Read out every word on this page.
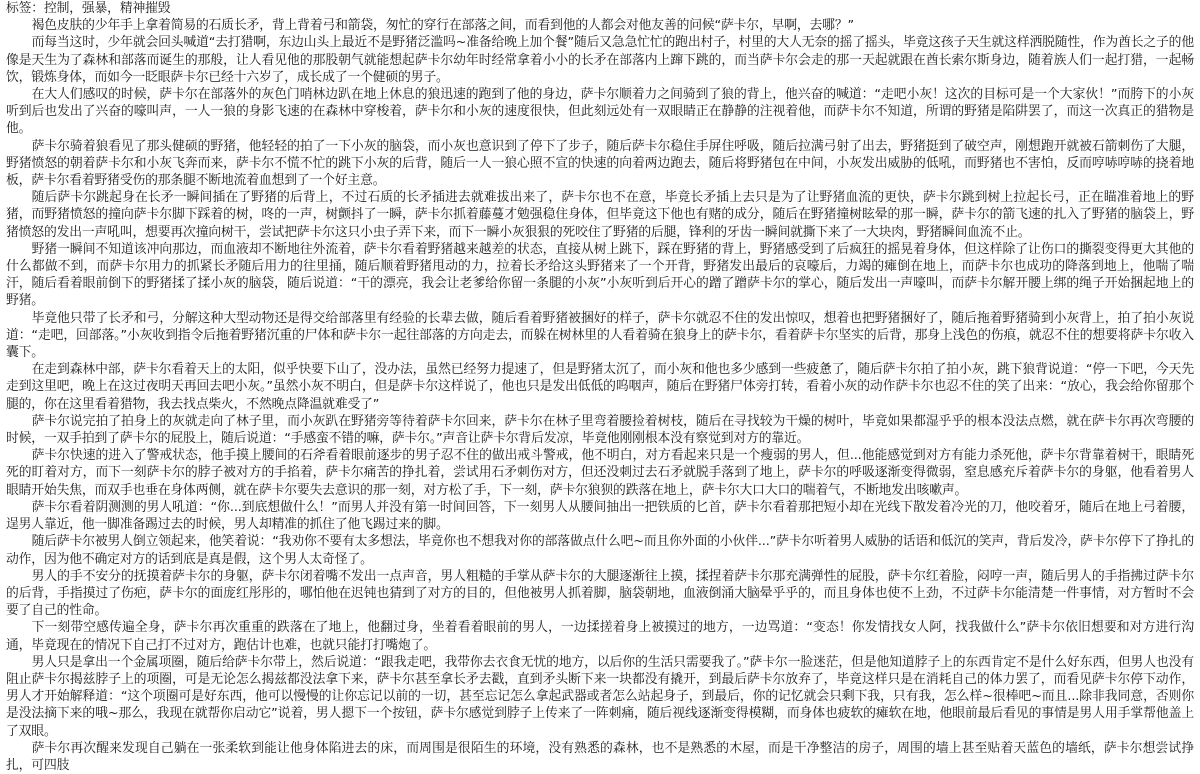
标签：控制，强暴，精神摧毁

褐色皮肤的少年手上拿着简易的石质长矛，背上背着弓和箭袋，匆忙的穿行在部落之间，而看到他的人都会对他友善的问候“萨卡尔，早啊，去哪？”

而每当这时，少年就会回头喊道“去打猎啊，东边山头上最近不是野猪泛滥吗~准备给晚上加个餐”随后又急急忙忙的跑出村子，村里的大人无奈的摇了摇头，毕竟这孩子天生就这样洒脱随性，作为酋长之子的他像是天生为了森林和部落而诞生的那般，让人看见他的那股朝气就能想起萨卡尔幼年时经常拿着小小的长矛在部落内上蹿下跳的，而当萨卡尔会走的那一天起就跟在酋长索尔斯身边，随着族人们一起打猎，一起畅饮，锻炼身体，而如今一眨眼萨卡尔已经十六岁了，成长成了一个健硕的男子。

在大人们感叹的时候，萨卡尔在部落外的灰色门哨林边趴在地上休息的狼迅速的跑到了他的身边，萨卡尔顺着力之间骑到了狼的背上，他兴奋的喊道：“走吧小灰！这次的目标可是一个大家伙！”而胯下的小灰听到后也发出了兴奋的嚎叫声，一人一狼的身影飞速的在森林中穿梭着，萨卡尔和小灰的速度很快，但此刻远处有一双眼睛正在静静的注视着他，而萨卡尔不知道，所谓的野猪是陷阱罢了，而这一次真正的猎物是他。

萨卡尔骑着狼看见了那头健硕的野猪，他轻轻的拍了一下小灰的脑袋，而小灰也意识到了停下了步子，随后萨卡尔稳住手屏住呼吸，随后拉满弓射了出去，野猪挺到了破空声，刚想跑开就被石箭刺伤了大腿，野猪愤怒的朝着萨卡尔和小灰飞奔而来，萨卡尔不慌不忙的跳下小灰的后背，随后一人一狼心照不宣的快速的向着两边跑去，随后将野猪包在中间，小灰发出威胁的低吼，而野猪也不害怕，反而哼哧哼哧的挠着地板，萨卡尔看着野猪受伤的那条腿不断地流着血想到了一个好主意。

随后萨卡尔跳起身在长矛一瞬间插在了野猪的后背上，不过石质的长矛插进去就难拔出来了，萨卡尔也不在意，毕竟长矛插上去只是为了让野猪血流的更快，萨卡尔跳到树上拉起长弓，正在瞄准着地上的野猪，而野猪愤怒的撞向萨卡尔脚下踩着的树，咚的一声，树颤抖了一瞬，萨卡尔抓着藤蔓才勉强稳住身体，但毕竟这下他也有赌的成分，随后在野猪撞树眩晕的那一瞬，萨卡尔的箭飞速的扎入了野猪的脑袋上，野猪愤怒的发出一声吼叫，想要再次撞向树干，尝试把萨卡尔这只小虫子弄下来，而下一瞬小灰狠狠的死咬住了野猪的后腿，锋利的牙齿一瞬间就撕下来了一大块肉，野猪瞬间血流不止。

野猪一瞬间不知道该冲向那边，而血液却不断地往外流着，萨卡尔看着野猪越来越差的状态，直接从树上跳下，踩在野猪的背上，野猪感受到了后疯狂的摇晃着身体，但这样除了让伤口的撕裂变得更大其他的什么都做不到，而萨卡尔用力的抓紧长矛随后用力的往里捅，随后顺着野猪甩动的力，拉着长矛给这头野猪来了一个开背，野猪发出最后的哀嚎后，力竭的瘫倒在地上，而萨卡尔也成功的降落到地上，他喘了喘汗，随后看着眼前倒下的野猪揉了揉小灰的脑袋，随后说道：“干的漂亮，我会让老爹给你留一条腿的小灰”小灰听到后开心的蹭了蹭萨卡尔的掌心，随后发出一声嚎叫，而萨卡尔解开腰上绑的绳子开始捆起地上的野猪。

毕竟他只带了长矛和弓，分解这种大型动物还是得交给部落里有经验的长辈去做，随后看着野猪被捆好的样子，萨卡尔就忍不住的发出惊叹，想着也把野猪捆好了，随后拖着野猪骑到小灰背上，拍了拍小灰说道：“走吧，回部落。”小灰收到指令后拖着野猪沉重的尸体和萨卡尔一起往部落的方向走去，而躲在树林里的人看着骑在狼身上的萨卡尔，看着萨卡尔坚实的后背，那身上浅色的伤痕，就忍不住的想要将萨卡尔收入囊下。

在走到森林中部，萨卡尔看着天上的太阳，似乎快要下山了，没办法，虽然已经努力提速了，但是野猪太沉了，而小灰和他也多少感到一些疲惫了，随后萨卡尔拍了拍小灰，跳下狼背说道：“停一下吧，今天先走到这里吧，晚上在这过夜明天再回去吧小灰。”虽然小灰不明白，但是萨卡尔这样说了，他也只是发出低低的呜咽声，随后在野猪尸体旁打转，看着小灰的动作萨卡尔也忍不住的笑了出来：“放心，我会给你留那个腿的，你在这里看着猎物，我去找点柴火，不然晚点降温就难受了”

萨卡尔说完拍了拍身上的灰就走向了林子里，而小灰趴在野猪旁等待着萨卡尔回来，萨卡尔在林子里弯着腰捡着树枝，随后在寻找较为干燥的树叶，毕竟如果都湿乎乎的根本没法点燃，就在萨卡尔再次弯腰的时候，一双手拍到了萨卡尔的屁股上，随后说道：“手感蛮不错的嘛，萨卡尔。”声音让萨卡尔背后发凉，毕竟他刚刚根本没有察觉到对方的靠近。

萨卡尔快速的进入了警戒状态，他手摸上腰间的石斧看着眼前逐步的男子忍不住的做出戒斗警戒，他不明白，对方看起来只是一个瘦弱的男人，但...他能感觉到对方有能力杀死他，萨卡尔背靠着树干，眼睛死死的盯着对方，而下一刻萨卡尔的脖子被对方的手掐着，萨卡尔痛苦的挣扎着，尝试用石矛刺伤对方，但还没刺过去石矛就脱手落到了地上，萨卡尔的呼吸逐渐变得微弱，窒息感充斥着萨卡尔的身躯，他看着男人眼睛开始失焦，而双手也垂在身体两侧，就在萨卡尔要失去意识的那一刻，对方松了手，下一刻，萨卡尔狼狈的跌落在地上，萨卡尔大口大口的喘着气，不断地发出咳嗽声。

萨卡尔看着阴测测的男人吼道：“你...到底想做什么！”而男人并没有第一时间回答，下一刻男人从腰间抽出一把铁质的匕首，萨卡尔看着那把短小却在光线下散发着冷光的刀，他咬着牙，随后在地上弓着腰，逞男人靠近，他一脚准备踢过去的时候，男人却精准的抓住了他飞踢过来的脚。

随后萨卡尔被男人倒立领起来，他笑着说：“我劝你不要有太多想法，毕竟你也不想我对你的部落做点什么吧~而且你外面的小伙伴...”萨卡尔听着男人威胁的话语和低沉的笑声，背后发冷，萨卡尔停下了挣扎的动作，因为他不确定对方的话到底是真是假，这个男人太奇怪了。

男人的手不安分的抚摸着萨卡尔的身躯，萨卡尔闭着嘴不发出一点声音，男人粗糙的手掌从萨卡尔的大腿逐渐往上摸，揉捏着萨卡尔那充满弹性的屁股，萨卡尔红着脸，闷哼一声，随后男人的手指拂过萨卡尔的后背，手指摸过了伤疤，萨卡尔的面庞红彤彤的，哪怕他在迟钝也猜到了对方的目的，但他被男人抓着脚，脑袋朝地，血液倒涌大脑晕乎乎的，而且身体也使不上劲，不过萨卡尔能清楚一件事情，对方暂时不会要了自己的性命。

下一刻带空感传遍全身，萨卡尔再次重重的跌落在了地上，他翻过身，坐着看着眼前的男人，一边揉搓着身上被摸过的地方，一边骂道：“变态！你发情找女人阿，找我做什么”萨卡尔依旧想要和对方进行沟通，毕竟现在的情况下自己打不过对方，跑估计也难，也就只能打打嘴炮了。

男人只是拿出一个金属项圈，随后给萨卡尔带上，然后说道：“跟我走吧，我带你去衣食无忧的地方，以后你的生活只需要我了。”萨卡尔一脸迷茫，但是他知道脖子上的东西肯定不是什么好东西，但男人也没有阻止萨卡尔揭兹脖子上的项圈，可是无论怎么揭兹都没法拿下来，萨卡尔甚至拿长矛去戳，直到矛头断下来一块都没有撬开，到最后萨卡尔放弃了，毕竟这样只是在消耗自己的体力罢了，而看见萨卡尔停下动作，男人才开始解释道：“这个项圈可是好东西，他可以慢慢的让你忘记以前的一切，甚至忘记怎么拿起武器或者怎么站起身子，到最后，你的记忆就会只剩下我，只有我，怎么样~很棒吧~而且...除非我同意，否则你是没法摘下来的哦~那么，我现在就帮你启动它”说着，男人摁下一个按钮，萨卡尔感觉到脖子上传来了一阵刺痛，随后视线逐渐变得模糊，而身体也疲软的瘫软在地，他眼前最后看见的事情是男人用手掌帮他盖上了双眼。

萨卡尔再次醒来发现自己躺在一张柔软到能让他身体陷进去的床，而周围是很陌生的环境，没有熟悉的森林，也不是熟悉的木屋，而是干净整洁的房子，周围的墙上甚至贴着天蓝色的墙纸，萨卡尔想尝试挣扎，可四肢
